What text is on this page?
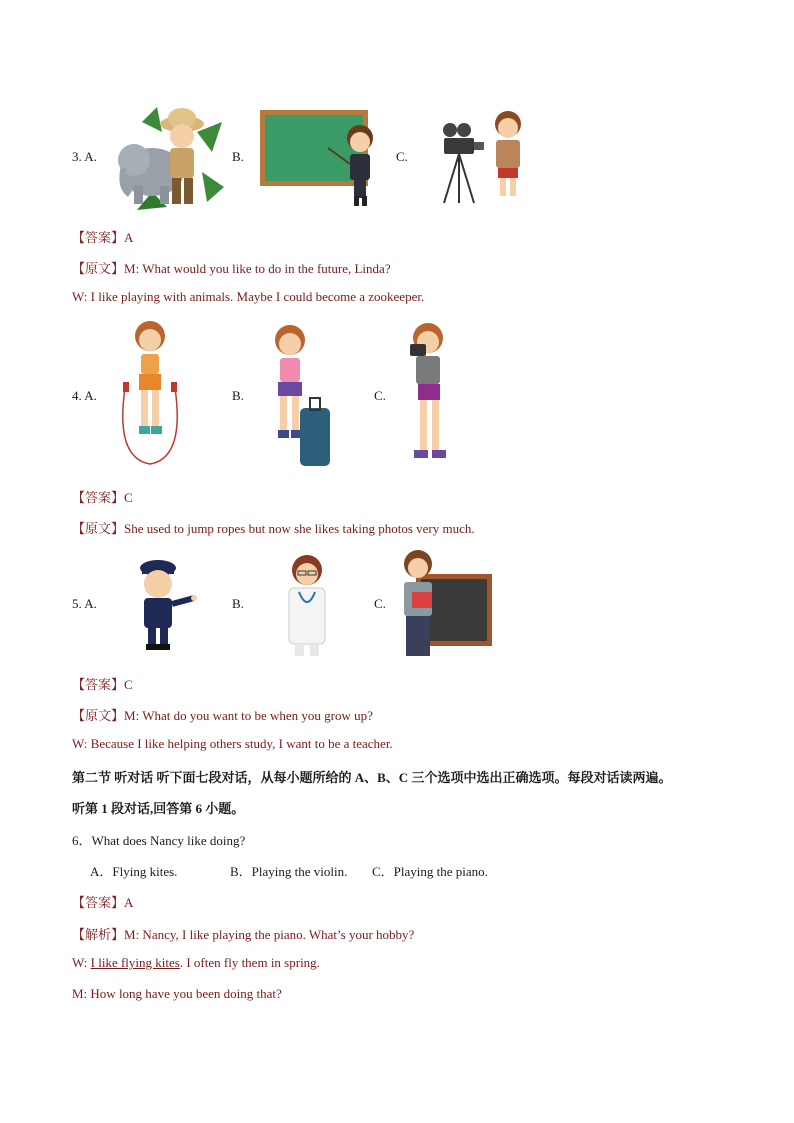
3. A.	B.	C.
【答案】A
【原文】M: What would you like to do in the future, Linda?
W: I like playing with animals. Maybe I could become a zookeeper.
4. A.	B.	C.
【答案】C
【原文】She used to jump ropes but now she likes taking photos very much.
5. A.	B.	C.
【答案】C
【原文】M: What do you want to be when you grow up?
W: Because I like helping others study, I want to be a teacher.
第二节 听对话 听下面七段对话，从每小题所给的 A、B、C 三个选项中选出正确选项。每段对话读两遍。
听第 1 段对话,回答第 6 小题。
6．What does Nancy like doing?
A．Flying kites.	B．Playing the violin. C．Playing the piano.
【答案】A
【解析】M: Nancy, I like playing the piano. What’s your hobby?
W: I like flying kites. I often fly them in spring.
M: How long have you been doing that?
